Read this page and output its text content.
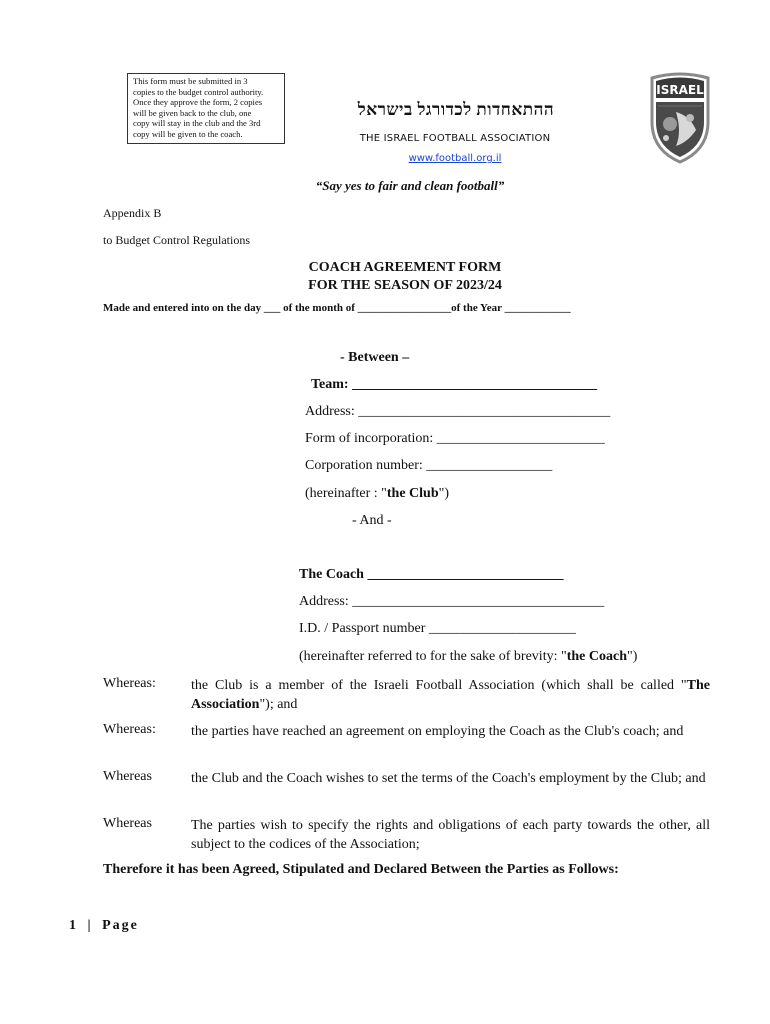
This form must be submitted in 3
copies to the budget control authority.
Once they approve the form, 2 copies
will be given back to the club, one
copy will stay in the club and the 3rd
copy will be given to the coach.
ההתאחדות לכדורגל בישראל
THE ISRAEL FOOTBALL ASSOCIATION
www.football.org.il
ISRAEL
“Say yes to fair and clean football”
Appendix B
to Budget Control Regulations
COACH AGREEMENT FORM
FOR THE SEASON OF 2023/24
Made and entered into on the day ___ of the month of _________________of the Year ____________
- Between –
Team: ___________________________________
Address: ____________________________________
Form of incorporation: ________________________
Corporation number: __________________
(hereinafter : "the Club")
- And -
The Coach ____________________________
Address: ____________________________________
I.D. / Passport number _____________________
(hereinafter referred to for the sake of brevity: "the Coach")
Whereas:	the Club is a member of the Israeli Football Association (which shall be called "The Association"); and
Whereas:	the parties have reached an agreement on employing the Coach as the Club's coach; and
Whereas	the Club and the Coach wishes to set the terms of the Coach's employment by the Club; and
Whereas	The parties wish to specify the rights and obligations of each party towards the other, all subject to the codices of the Association;
Therefore it has been Agreed, Stipulated and Declared Between the Parties as Follows:
1 | Page
